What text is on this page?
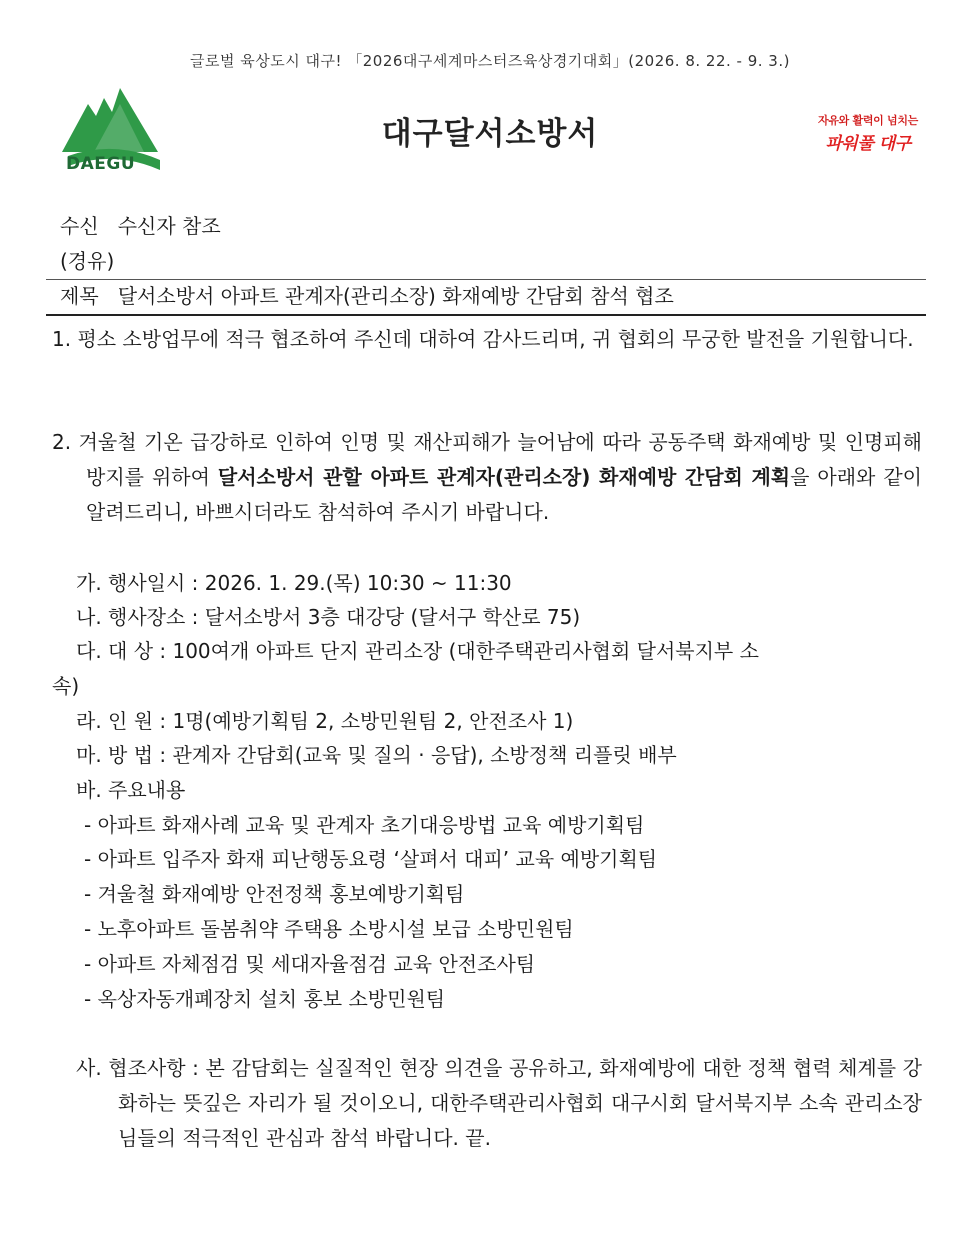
글로벌 육상도시 대구! 「2026대구세계마스터즈육상경기대회」(2026. 8. 22. - 9. 3.)
DAEGU
대구달서소방서	자유와 활력이 넘치는
파워풀 대구
수신 수신자 참조
(경유)
제목 달서소방서 아파트 관계자(관리소장) 화재예방 간담회 참석 협조
1. 평소 소방업무에 적극 협조하여 주신데 대하여 감사드리며, 귀 협회의 무궁한 발전을 기원합니다.
2. 겨울철 기온 급강하로 인하여 인명 및 재산피해가 늘어남에 따라 공동주택 화재예방 및 인명피해 방지를 위하여 달서소방서 관할 아파트 관계자(관리소장) 화재예방 간담회 계획을 아래와 같이 알려드리니, 바쁘시더라도 참석하여 주시기 바랍니다.
가. 행사일시 : 2026. 1. 29.(목) 10:30 ~ 11:30
나. 행사장소 : 달서소방서 3층 대강당 (달서구 학산로 75)
다. 대 상 : 100여개 아파트 단지 관리소장 (대한주택관리사협회 달서북지부 소
속)
라. 인 원 : 1명(예방기획팀 2, 소방민원팀 2, 안전조사 1)
마. 방 법 : 관계자 간담회(교육 및 질의 · 응답), 소방정책 리플릿 배부
바. 주요내용
- 아파트 화재사례 교육 및 관계자 초기대응방법 교육 예방기획팀
- 아파트 입주자 화재 피난행동요령 ‘살펴서 대피’ 교육 예방기획팀
- 겨울철 화재예방 안전정책 홍보예방기획팀
- 노후아파트 돌봄취약 주택용 소방시설 보급 소방민원팀
- 아파트 자체점검 및 세대자율점검 교육 안전조사팀
- 옥상자동개폐장치 설치 홍보 소방민원팀
사. 협조사항 : 본 감담회는 실질적인 현장 의견을 공유하고, 화재예방에 대한 정책 협력 체계를 강화하는 뜻깊은 자리가 될 것이오니, 대한주택관리사협회 대구시회 달서북지부 소속 관리소장님들의 적극적인 관심과 참석 바랍니다. 끝.
